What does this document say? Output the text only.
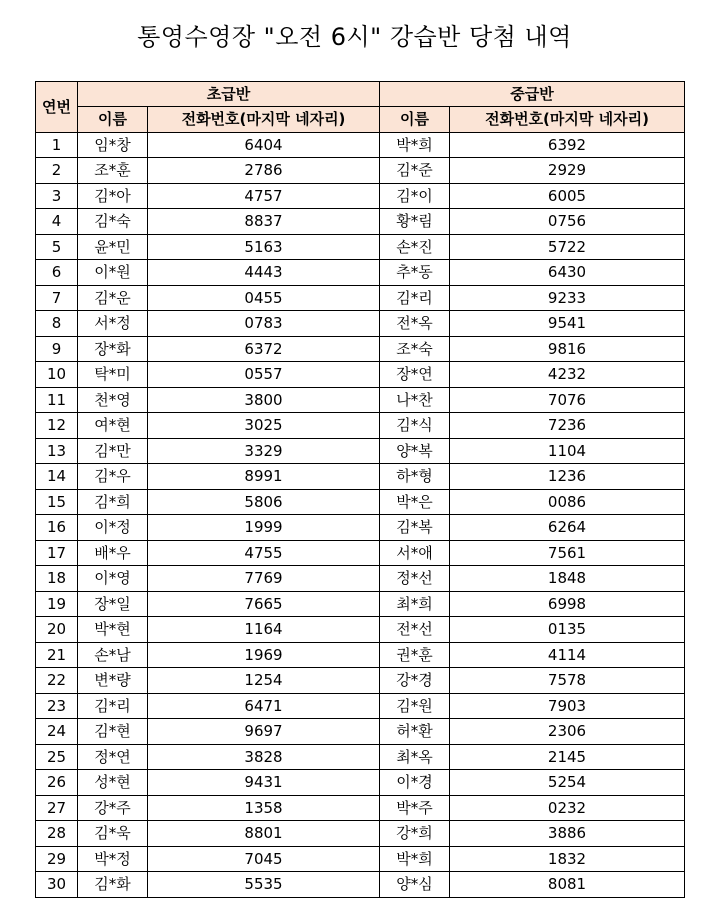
통영수영장 "오전 6시" 강습반 당첨 내역
연번	초급반		중급반	
	이름	전화번호(마지막 네자리)	이름	전화번호(마지막 네자리)
1	임*창	6404	박*희	6392
2	조*훈	2786	김*준	2929
3	김*아	4757	김*이	6005
4	김*숙	8837	황*림	0756
5	윤*민	5163	손*진	5722
6	이*원	4443	추*동	6430
7	김*운	0455	김*리	9233
8	서*정	0783	전*옥	9541
9	장*화	6372	조*숙	9816
10	탁*미	0557	장*연	4232
11	천*영	3800	나*찬	7076
12	여*현	3025	김*식	7236
13	김*만	3329	양*복	1104
14	김*우	8991	하*형	1236
15	김*희	5806	박*은	0086
16	이*정	1999	김*복	6264
17	배*우	4755	서*애	7561
18	이*영	7769	정*선	1848
19	장*일	7665	최*희	6998
20	박*현	1164	전*선	0135
21	손*남	1969	권*훈	4114
22	변*량	1254	강*경	7578
23	김*리	6471	김*원	7903
24	김*현	9697	허*환	2306
25	정*연	3828	최*옥	2145
26	성*현	9431	이*경	5254
27	강*주	1358	박*주	0232
28	김*욱	8801	강*희	3886
29	박*정	7045	박*희	1832
30	김*화	5535	양*심	8081
